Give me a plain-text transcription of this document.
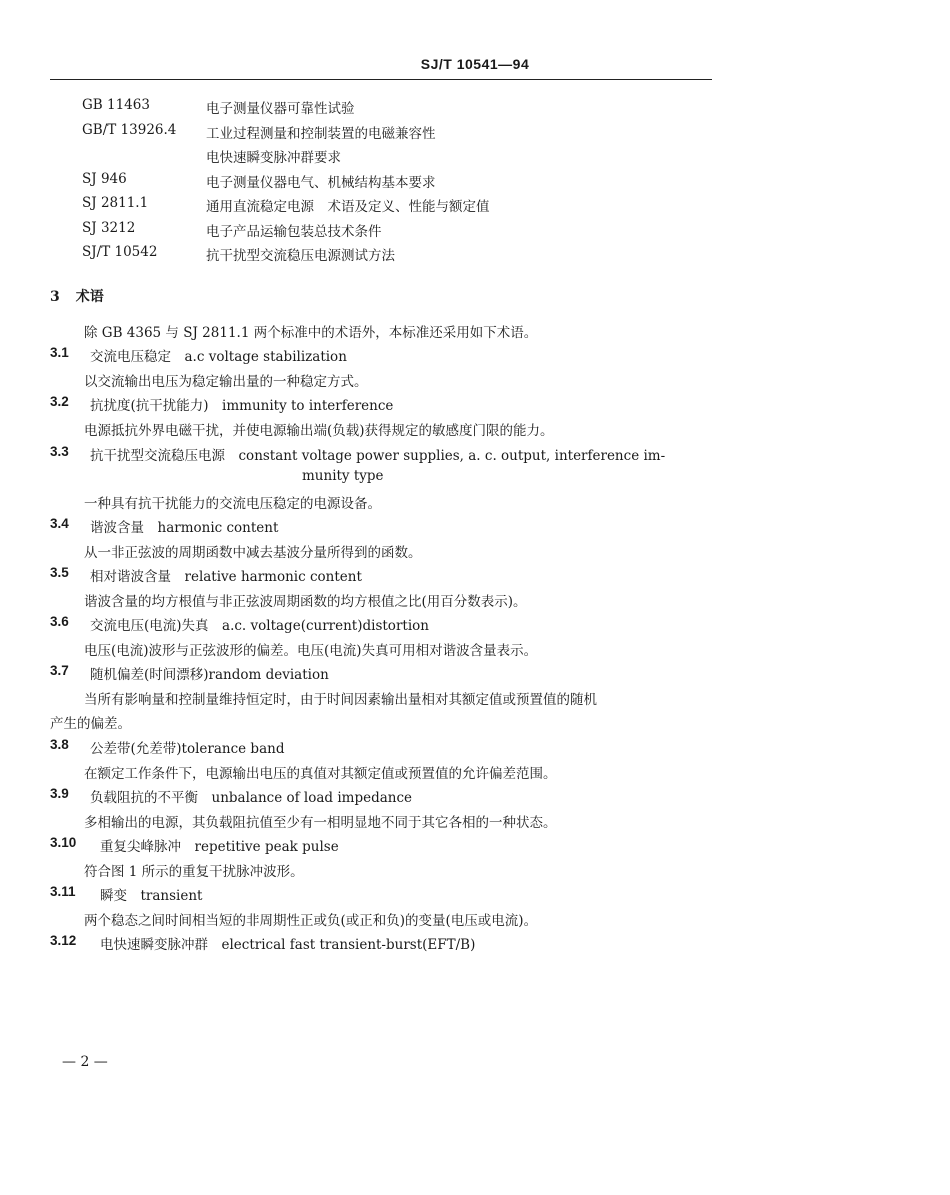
SJ/T 10541—94
GB 11463	电子测量仪器可靠性试验
GB/T 13926.4 工业过程测量和控制装置的电磁兼容性
电快速瞬变脉冲群要求
SJ 946	电子测量仪器电气、机械结构基本要求
SJ 2811.1	通用直流稳定电源　术语及定义、性能与额定值
SJ 3212	电子产品运输包装总技术条件
SJ/T 10542	抗干扰型交流稳压电源测试方法
3 术语
除 GB 4365 与 SJ 2811.1 两个标准中的术语外，本标准还采用如下术语。
3.1 交流电压稳定　a.c voltage stabilization
以交流输出电压为稳定输出量的一种稳定方式。
3.2 抗扰度(抗干扰能力)　immunity to interference
电源抵抗外界电磁干扰，并使电源输出端(负载)获得规定的敏感度门限的能力。
3.3 抗干扰型交流稳压电源　constant voltage power supplies, a. c. output, interference im-
munity type
一种具有抗干扰能力的交流电压稳定的电源设备。
3.4 谐波含量　harmonic content
从一非正弦波的周期函数中减去基波分量所得到的函数。
3.5 相对谐波含量　relative harmonic content
谐波含量的均方根值与非正弦波周期函数的均方根值之比(用百分数表示)。
3.6 交流电压(电流)失真　a.c. voltage(current)distortion
电压(电流)波形与正弦波形的偏差。电压(电流)失真可用相对谐波含量表示。
3.7 随机偏差(时间漂移)random deviation
当所有影响量和控制量维持恒定时，由于时间因素输出量相对其额定值或预置值的随机
产生的偏差。
3.8 公差带(允差带)tolerance band
在额定工作条件下，电源输出电压的真值对其额定值或预置值的允许偏差范围。
3.9 负载阻抗的不平衡　unbalance of load impedance
多相输出的电源，其负载阻抗值至少有一相明显地不同于其它各相的一种状态。
3.10 重复尖峰脉冲　repetitive peak pulse
符合图 1 所示的重复干扰脉冲波形。
3.11 瞬变　transient
两个稳态之间时间相当短的非周期性正或负(或正和负)的变量(电压或电流)。
3.12 电快速瞬变脉冲群　electrical fast transient-burst(EFT/B)
— 2 —
